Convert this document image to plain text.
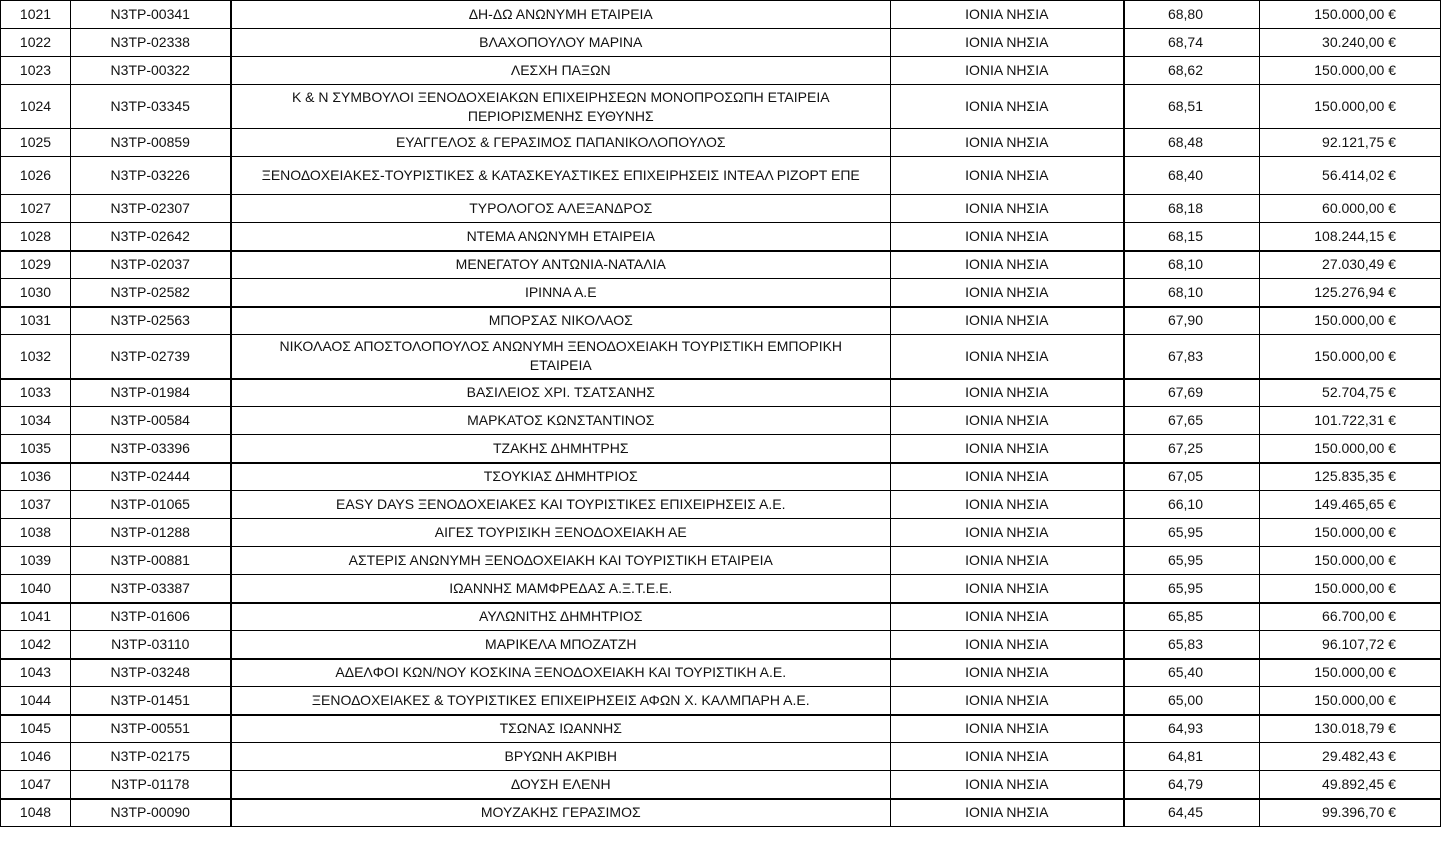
1021	N3TP-00341	ΔΗ-ΔΩ ΑΝΩΝΥΜΗ ΕΤΑΙΡΕΙΑ	ΙΟΝΙΑ ΝΗΣΙΑ	68,80	150.000,00 €
1022	N3TP-02338	ΒΛΑΧΟΠΟΥΛΟΥ ΜΑΡΙΝΑ	ΙΟΝΙΑ ΝΗΣΙΑ	68,74	30.240,00 €
1023	N3TP-00322	ΛΕΣΧΗ ΠΑΞΩΝ	ΙΟΝΙΑ ΝΗΣΙΑ	68,62	150.000,00 €
1024	N3TP-03345	Κ & Ν ΣΥΜΒΟΥΛΟΙ ΞΕΝΟΔΟΧΕΙΑΚΩΝ ΕΠΙΧΕΙΡΗΣΕΩΝ ΜΟΝΟΠΡΟΣΩΠΗ ΕΤΑΙΡΕΙΑ ΠΕΡΙΟΡΙΣΜΕΝΗΣ ΕΥΘΥΝΗΣ	ΙΟΝΙΑ ΝΗΣΙΑ	68,51	150.000,00 €
1025	N3TP-00859	ΕΥΑΓΓΕΛΟΣ & ΓΕΡΑΣΙΜΟΣ ΠΑΠΑΝΙΚΟΛΟΠΟΥΛΟΣ	ΙΟΝΙΑ ΝΗΣΙΑ	68,48	92.121,75 €
1026	N3TP-03226	ΞΕΝΟΔΟΧΕΙΑΚΕΣ-ΤΟΥΡΙΣΤΙΚΕΣ & ΚΑΤΑΣΚΕΥΑΣΤΙΚΕΣ ΕΠΙΧΕΙΡΗΣΕΙΣ ΙΝΤΕΑΛ ΡΙΖΟΡΤ ΕΠΕ	ΙΟΝΙΑ ΝΗΣΙΑ	68,40	56.414,02 €
1027	N3TP-02307	ΤΥΡΟΛΟΓΟΣ ΑΛΕΞΑΝΔΡΟΣ	ΙΟΝΙΑ ΝΗΣΙΑ	68,18	60.000,00 €
1028	N3TP-02642	ΝΤΕΜΑ ΑΝΩΝΥΜΗ ΕΤΑΙΡΕΙΑ	ΙΟΝΙΑ ΝΗΣΙΑ	68,15	108.244,15 €
1029	N3TP-02037	ΜΕΝΕΓΑΤΟΥ ΑΝΤΩΝΙΑ-ΝΑΤΑΛΙΑ	ΙΟΝΙΑ ΝΗΣΙΑ	68,10	27.030,49 €
1030	N3TP-02582	ΙΡΙΝΝΑ Α.Ε	ΙΟΝΙΑ ΝΗΣΙΑ	68,10	125.276,94 €
1031	N3TP-02563	ΜΠΟΡΣΑΣ ΝΙΚΟΛΑΟΣ	ΙΟΝΙΑ ΝΗΣΙΑ	67,90	150.000,00 €
1032	N3TP-02739	ΝΙΚΟΛΑΟΣ ΑΠΟΣΤΟΛΟΠΟΥΛΟΣ ΑΝΩΝΥΜΗ ΞΕΝΟΔΟΧΕΙΑΚΗ ΤΟΥΡΙΣΤΙΚΗ ΕΜΠΟΡΙΚΗ ΕΤΑΙΡΕΙΑ	ΙΟΝΙΑ ΝΗΣΙΑ	67,83	150.000,00 €
1033	N3TP-01984	ΒΑΣΙΛΕΙΟΣ ΧΡΙ. ΤΣΑΤΣΑΝΗΣ	ΙΟΝΙΑ ΝΗΣΙΑ	67,69	52.704,75 €
1034	N3TP-00584	ΜΑΡΚΑΤΟΣ ΚΩΝΣΤΑΝΤΙΝΟΣ	ΙΟΝΙΑ ΝΗΣΙΑ	67,65	101.722,31 €
1035	N3TP-03396	ΤΖΑΚΗΣ ΔΗΜΗΤΡΗΣ	ΙΟΝΙΑ ΝΗΣΙΑ	67,25	150.000,00 €
1036	N3TP-02444	ΤΣΟΥΚΙΑΣ ΔΗΜΗΤΡΙΟΣ	ΙΟΝΙΑ ΝΗΣΙΑ	67,05	125.835,35 €
1037	N3TP-01065	EASY DAYS ΞΕΝΟΔΟΧΕΙΑΚΕΣ ΚΑΙ ΤΟΥΡΙΣΤΙΚΕΣ ΕΠΙΧΕΙΡΗΣΕΙΣ Α.Ε.	ΙΟΝΙΑ ΝΗΣΙΑ	66,10	149.465,65 €
1038	N3TP-01288	ΑΙΓΕΣ ΤΟΥΡΙΣΙΚΗ ΞΕΝΟΔΟΧΕΙΑΚΗ ΑΕ	ΙΟΝΙΑ ΝΗΣΙΑ	65,95	150.000,00 €
1039	N3TP-00881	ΑΣΤΕΡΙΣ ΑΝΩΝΥΜΗ ΞΕΝΟΔΟΧΕΙΑΚΗ ΚΑΙ ΤΟΥΡΙΣΤΙΚΗ ΕΤΑΙΡΕΙΑ	ΙΟΝΙΑ ΝΗΣΙΑ	65,95	150.000,00 €
1040	N3TP-03387	ΙΩΑΝΝΗΣ ΜΑΜΦΡΕΔΑΣ Α.Ξ.Τ.Ε.Ε.	ΙΟΝΙΑ ΝΗΣΙΑ	65,95	150.000,00 €
1041	N3TP-01606	ΑΥΛΩΝΙΤΗΣ ΔΗΜΗΤΡΙΟΣ	ΙΟΝΙΑ ΝΗΣΙΑ	65,85	66.700,00 €
1042	N3TP-03110	ΜΑΡΙΚΕΛΑ ΜΠΟΖΑΤΖΗ	ΙΟΝΙΑ ΝΗΣΙΑ	65,83	96.107,72 €
1043	N3TP-03248	ΑΔΕΛΦΟΙ ΚΩΝ/ΝΟΥ ΚΟΣΚΙΝΑ ΞΕΝΟΔΟΧΕΙΑΚΗ ΚΑΙ ΤΟΥΡΙΣΤΙΚΗ Α.Ε.	ΙΟΝΙΑ ΝΗΣΙΑ	65,40	150.000,00 €
1044	N3TP-01451	ΞΕΝΟΔΟΧΕΙΑΚΕΣ & ΤΟΥΡΙΣΤΙΚΕΣ ΕΠΙΧΕΙΡΗΣΕΙΣ ΑΦΩΝ Χ. ΚΑΛΜΠΑΡΗ Α.Ε.	ΙΟΝΙΑ ΝΗΣΙΑ	65,00	150.000,00 €
1045	N3TP-00551	ΤΣΩΝΑΣ ΙΩΑΝΝΗΣ	ΙΟΝΙΑ ΝΗΣΙΑ	64,93	130.018,79 €
1046	N3TP-02175	ΒΡΥΩΝΗ ΑΚΡΙΒΗ	ΙΟΝΙΑ ΝΗΣΙΑ	64,81	29.482,43 €
1047	N3TP-01178	ΔΟΥΣΗ ΕΛΕΝΗ	ΙΟΝΙΑ ΝΗΣΙΑ	64,79	49.892,45 €
1048	N3TP-00090	ΜΟΥΖΑΚΗΣ ΓΕΡΑΣΙΜΟΣ	ΙΟΝΙΑ ΝΗΣΙΑ	64,45	99.396,70 €
